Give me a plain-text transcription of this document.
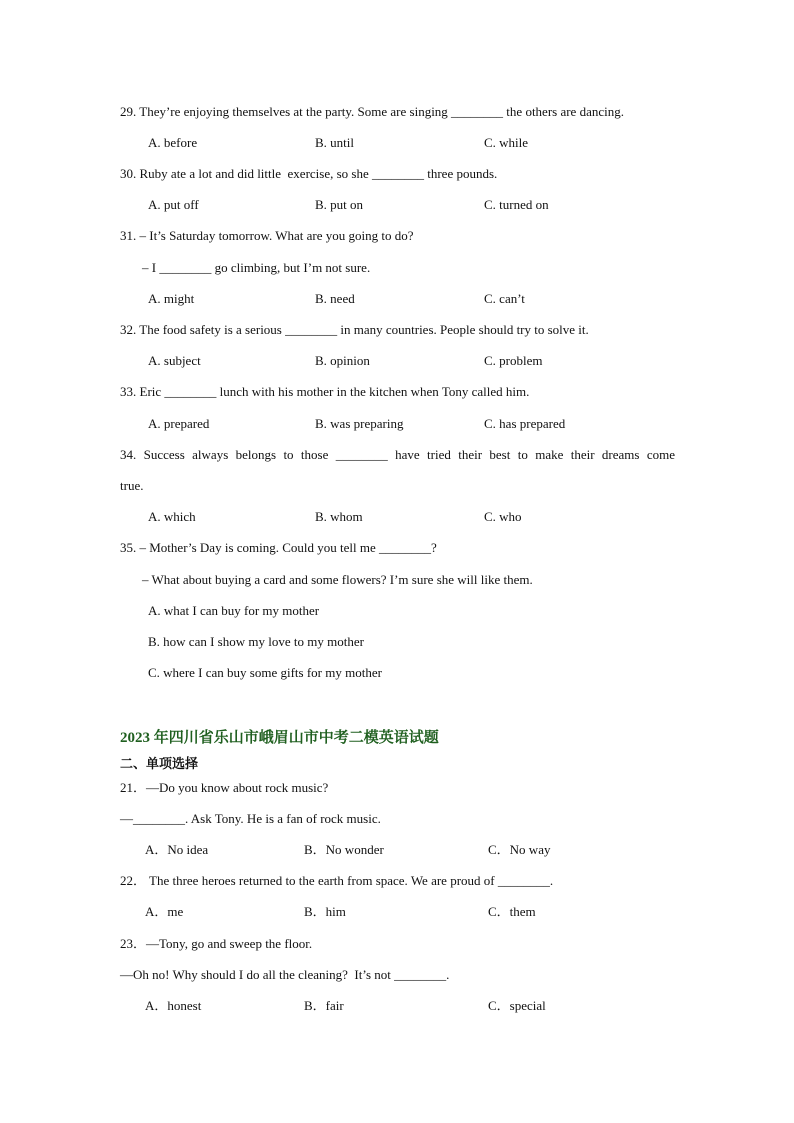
29. They’re enjoying themselves at the party. Some are singing ________ the others are dancing.
A. before	B. until	C. while
30. Ruby ate a lot and did little  exercise, so she ________ three pounds.
A. put off	B. put on	C. turned on
31. – It’s Saturday tomorrow. What are you going to do?
– I ________ go climbing, but I’m not sure.
A. might	B. need	C. can’t
32. The food safety is a serious ________ in many countries. People should try to solve it.
A. subject	B. opinion	C. problem
33. Eric ________ lunch with his mother in the kitchen when Tony called him.
A. prepared	B. was preparing	C. has prepared
34. Success always belongs to those ________ have tried their best to make their dreams come
true.
A. which	B. whom	C. who
35. – Mother’s Day is coming. Could you tell me ________?
– What about buying a card and some flowers? I’m sure she will like them.
A. what I can buy for my mother
B. how can I show my love to my mother
C. where I can buy some gifts for my mother
2023 年四川省乐山市峨眉山市中考二模英语试题
二、单项选择
21．—Do you know about rock music?
—________. Ask Tony. He is a fan of rock music.
A．No idea	B．No wonder	C．No way
22． The three heroes returned to the earth from space. We are proud of ________.
A．me	B．him	C．them
23．—Tony, go and sweep the floor.
—Oh no! Why should I do all the cleaning?  It’s not ________.
A．honest	B．fair	C．special
